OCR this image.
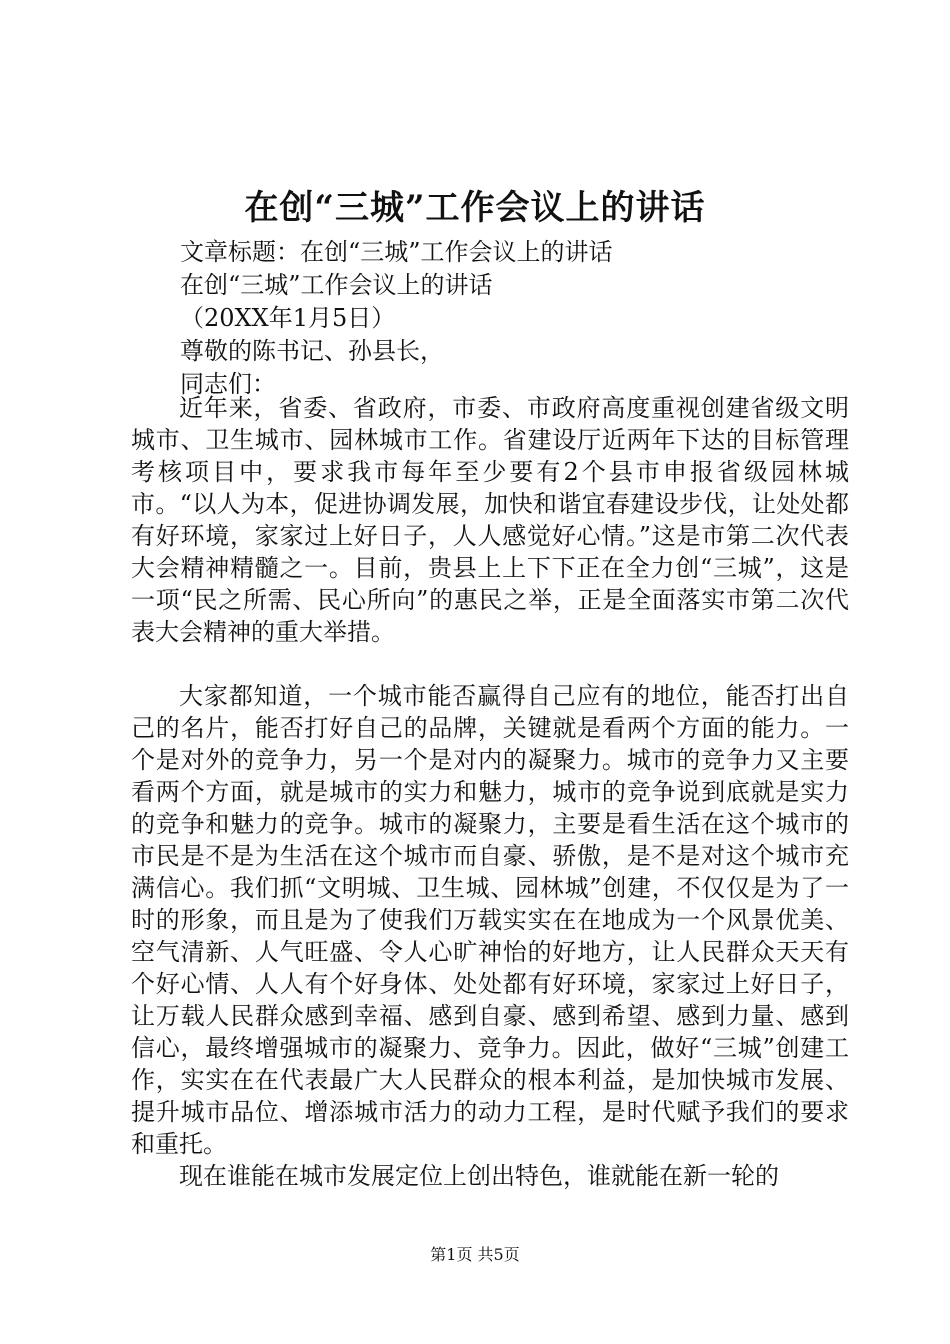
在创“三城”工作会议上的讲话
文章标题：在创“三城”工作会议上的讲话
在创“三城”工作会议上的讲话
（20XX年1月5日）
尊敬的陈书记、孙县长，
同志们：

近年来，省委、省政府，市委、市政府高度重视创建省级文明城市、卫生城市、园林城市工作。省建设厅近两年下达的目标管理考核项目中，要求我市每年至少要有2个县市申报省级园林城市。“以人为本，促进协调发展，加快和谐宜春建设步伐，让处处都有好环境，家家过上好日子，人人感觉好心情。”这是市第二次代表大会精神精髓之一。目前，贵县上上下下正在全力创“三城”，这是一项“民之所需、民心所向”的惠民之举，正是全面落实市第二次代表大会精神的重大举措。

大家都知道，一个城市能否赢得自己应有的地位，能否打出自己的名片，能否打好自己的品牌，关键就是看两个方面的能力。一个是对外的竞争力，另一个是对内的凝聚力。城市的竞争力又主要看两个方面，就是城市的实力和魅力，城市的竞争说到底就是实力的竞争和魅力的竞争。城市的凝聚力，主要是看生活在这个城市的市民是不是为生活在这个城市而自豪、骄傲，是不是对这个城市充满信心。我们抓“文明城、卫生城、园林城”创建，不仅仅是为了一时的形象，而且是为了使我们万载实实在在地成为一个风景优美、空气清新、人气旺盛、令人心旷神怡的好地方，让人民群众天天有个好心情、人人有个好身体、处处都有好环境，家家过上好日子，让万载人民群众感到幸福、感到自豪、感到希望、感到力量、感到信心，最终增强城市的凝聚力、竞争力。因此，做好“三城”创建工作，实实在在代表最广大人民群众的根本利益，是加快城市发展、提升城市品位、增添城市活力的动力工程，是时代赋予我们的要求和重托。

现在谁能在城市发展定位上创出特色，谁就能在新一轮的

第1页 共5页
